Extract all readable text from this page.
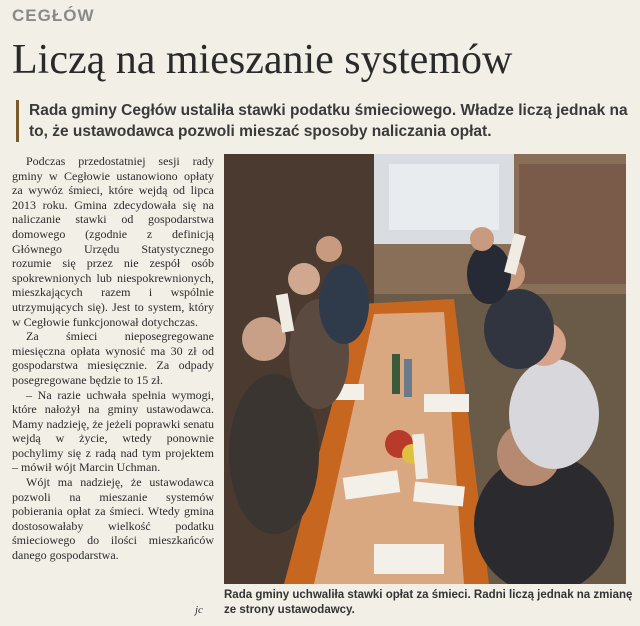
CEGŁÓW
Liczą na mieszanie systemów
Rada gminy Cegłów ustaliła stawki podatku śmieciowego. Władze liczą jednak na to, że ustawodawca pozwoli mieszać sposoby naliczania opłat.

Podczas przedostatniej sesji rady gminy w Cegłowie ustanowiono opłaty za wywóz śmieci, które wejdą od lipca 2013 roku. Gmina zdecydowała się na naliczanie stawki od gospodarstwa domowego (zgodnie z definicją Głównego Urzędu Statystycznego rozumie się przez nie zespół osób spokrewnionych lub niespokrewnionych, mieszkających razem i wspólnie utrzymujących się). Jest to system, który w Cegłowie funkcjonował dotychczas.

Za śmieci nieposegregowane miesięczna opłata wynosić ma 30 zł od gospodarstwa miesięcznie. Za odpady posegregowane będzie to 15 zł.

– Na razie uchwała spełnia wymogi, które nałożył na gminy ustawodawca. Mamy nadzieję, że jeżeli poprawki senatu wejdą w życie, wtedy ponownie pochylimy się z radą nad tym projektem – mówił wójt Marcin Uchman.

Wójt ma nadzieję, że ustawodawca pozwoli na mieszanie systemów pobierania opłat za śmieci. Wtedy gmina dostosowałaby wielkość podatku śmieciowego do ilości mieszkańców danego gospodarstwa.

jc
Rada gminy uchwaliła stawki opłat za śmieci. Radni liczą jednak na zmianę ze strony ustawodawcy.
